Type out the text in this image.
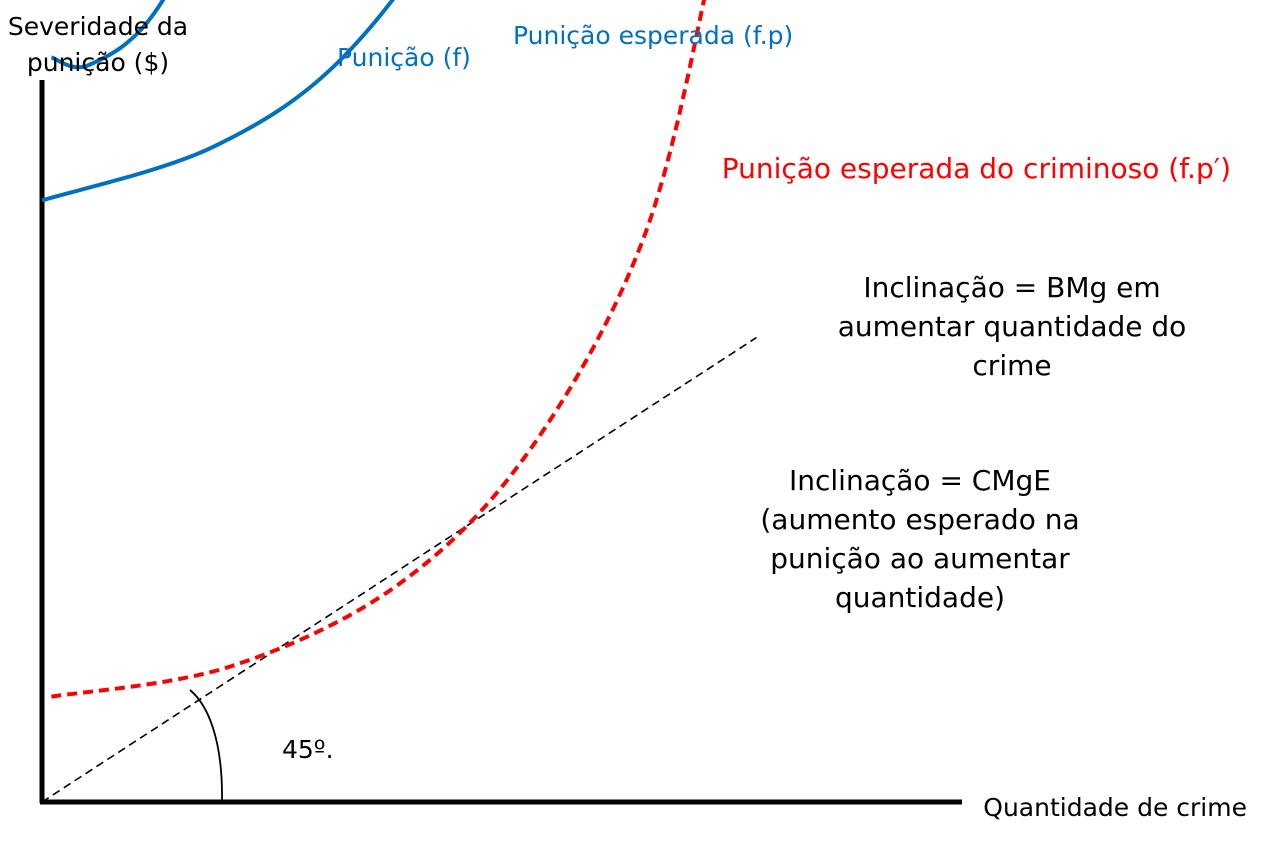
Severidade da
punição ($)
Quantidade de crime
Punição (f)
Punição esperada (f.p)
Punição esperada do criminoso (f.p′)
45º.
Inclinação = BMg em
aumentar quantidade do
crime
Inclinação = CMgE
(aumento esperado na
punição ao aumentar
quantidade)
